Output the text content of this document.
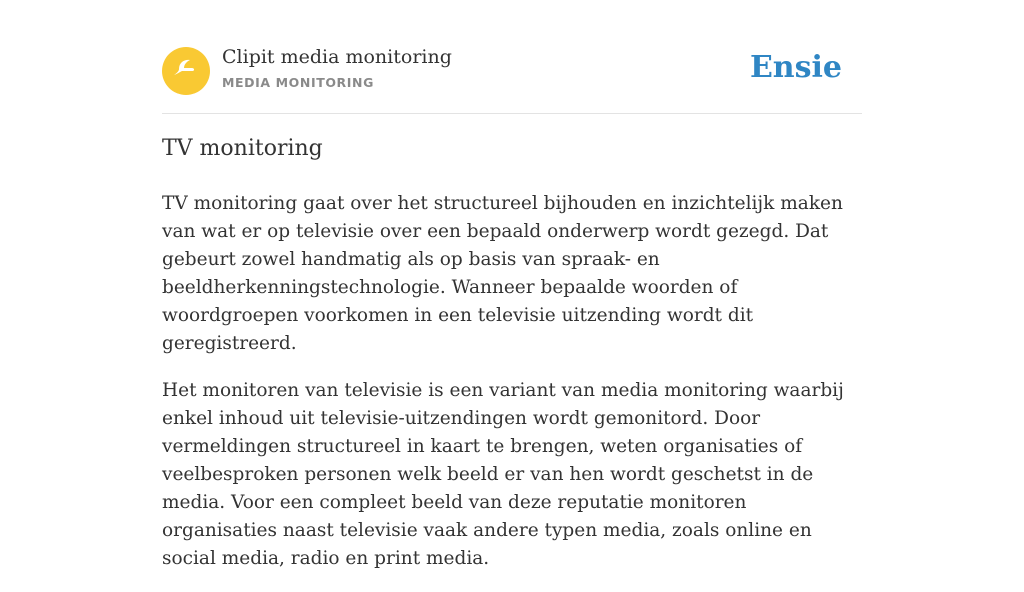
Clipit media monitoring
MEDIA MONITORING	Ensie
TV monitoring

TV monitoring gaat over het structureel bijhouden en inzichtelijk maken van wat er op televisie over een bepaald onderwerp wordt gezegd. Dat gebeurt zowel handmatig als op basis van spraak- en beeldherkenningstechnologie. Wanneer bepaalde woorden of woordgroepen voorkomen in een televisie uitzending wordt dit geregistreerd.

Het monitoren van televisie is een variant van media monitoring waarbij enkel inhoud uit televisie-uitzendingen wordt gemonitord. Door vermeldingen structureel in kaart te brengen, weten organisaties of veelbesproken personen welk beeld er van hen wordt geschetst in de media. Voor een compleet beeld van deze reputatie monitoren organisaties naast televisie vaak andere typen media, zoals online en social media, radio en print media.
